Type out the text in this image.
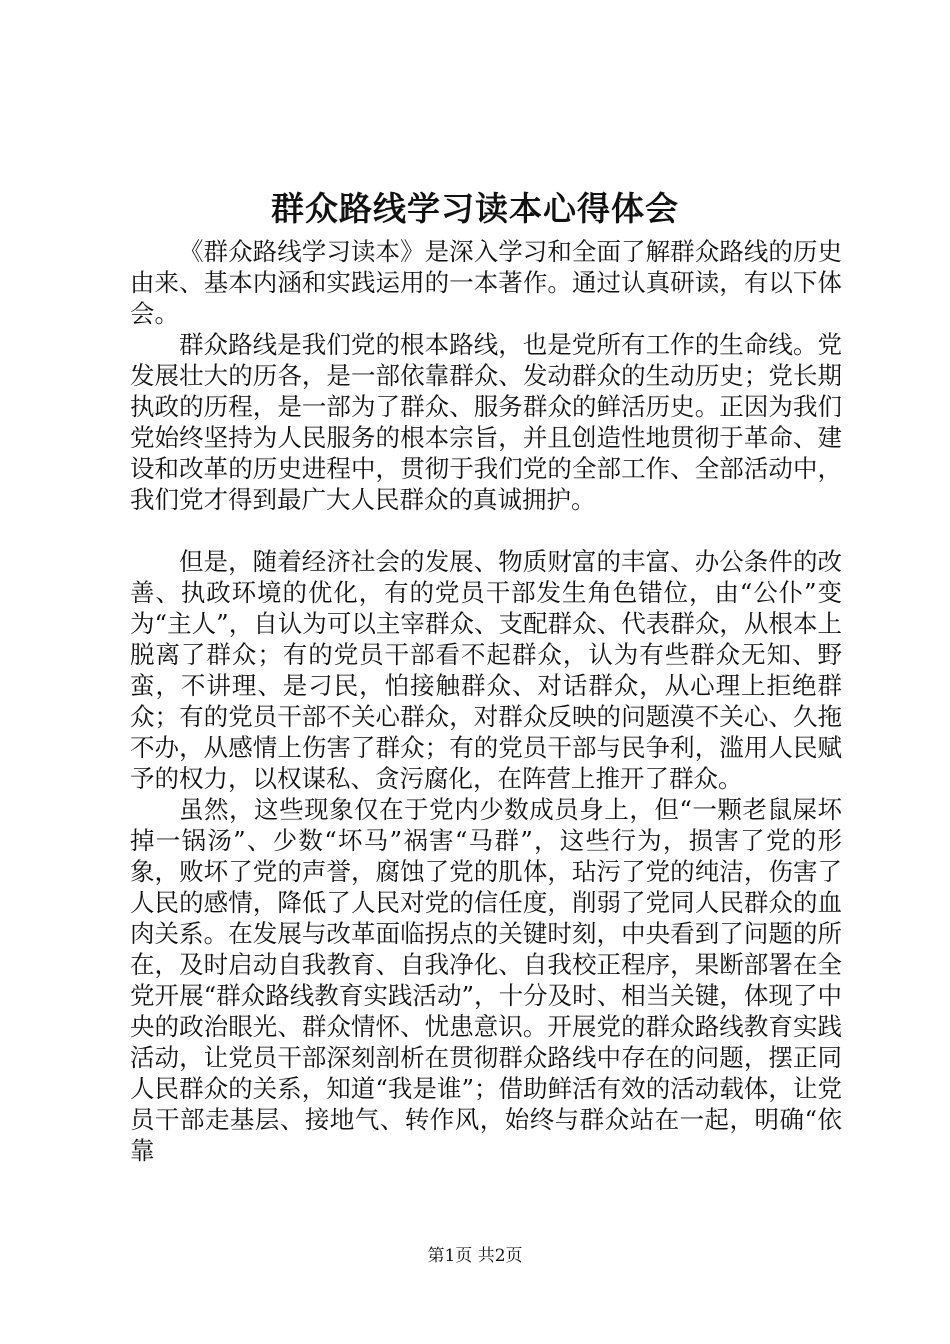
群众路线学习读本心得体会

《群众路线学习读本》是深入学习和全面了解群众路线的历史由来、基本内涵和实践运用的一本著作。通过认真研读，有以下体会。

群众路线是我们党的根本路线，也是党所有工作的生命线。党发展壮大的历各，是一部依靠群众、发动群众的生动历史；党长期执政的历程，是一部为了群众、服务群众的鲜活历史。正因为我们党始终坚持为人民服务的根本宗旨，并且创造性地贯彻于革命、建设和改革的历史进程中，贯彻于我们党的全部工作、全部活动中，我们党才得到最广大人民群众的真诚拥护。

但是，随着经济社会的发展、物质财富的丰富、办公条件的改善、执政环境的优化，有的党员干部发生角色错位，由“公仆”变为“主人”，自认为可以主宰群众、支配群众、代表群众，从根本上脱离了群众；有的党员干部看不起群众，认为有些群众无知、野蛮，不讲理、是刁民，怕接触群众、对话群众，从心理上拒绝群众；有的党员干部不关心群众，对群众反映的问题漠不关心、久拖不办，从感情上伤害了群众；有的党员干部与民争利，滥用人民赋予的权力，以权谋私、贪污腐化，在阵营上推开了群众。

虽然，这些现象仅在于党内少数成员身上，但“一颗老鼠屎坏掉一锅汤”、少数“坏马”祸害“马群”，这些行为，损害了党的形象，败坏了党的声誉，腐蚀了党的肌体，玷污了党的纯洁，伤害了人民的感情，降低了人民对党的信任度，削弱了党同人民群众的血肉关系。在发展与改革面临拐点的关键时刻，中央看到了问题的所在，及时启动自我教育、自我净化、自我校正程序，果断部署在全党开展“群众路线教育实践活动”，十分及时、相当关键，体现了中央的政治眼光、群众情怀、忧患意识。开展党的群众路线教育实践活动，让党员干部深刻剖析在贯彻群众路线中存在的问题，摆正同人民群众的关系，知道“我是谁”；借助鲜活有效的活动载体，让党员干部走基层、接地气、转作风，始终与群众站在一起，明确“依靠

第1页 共2页
